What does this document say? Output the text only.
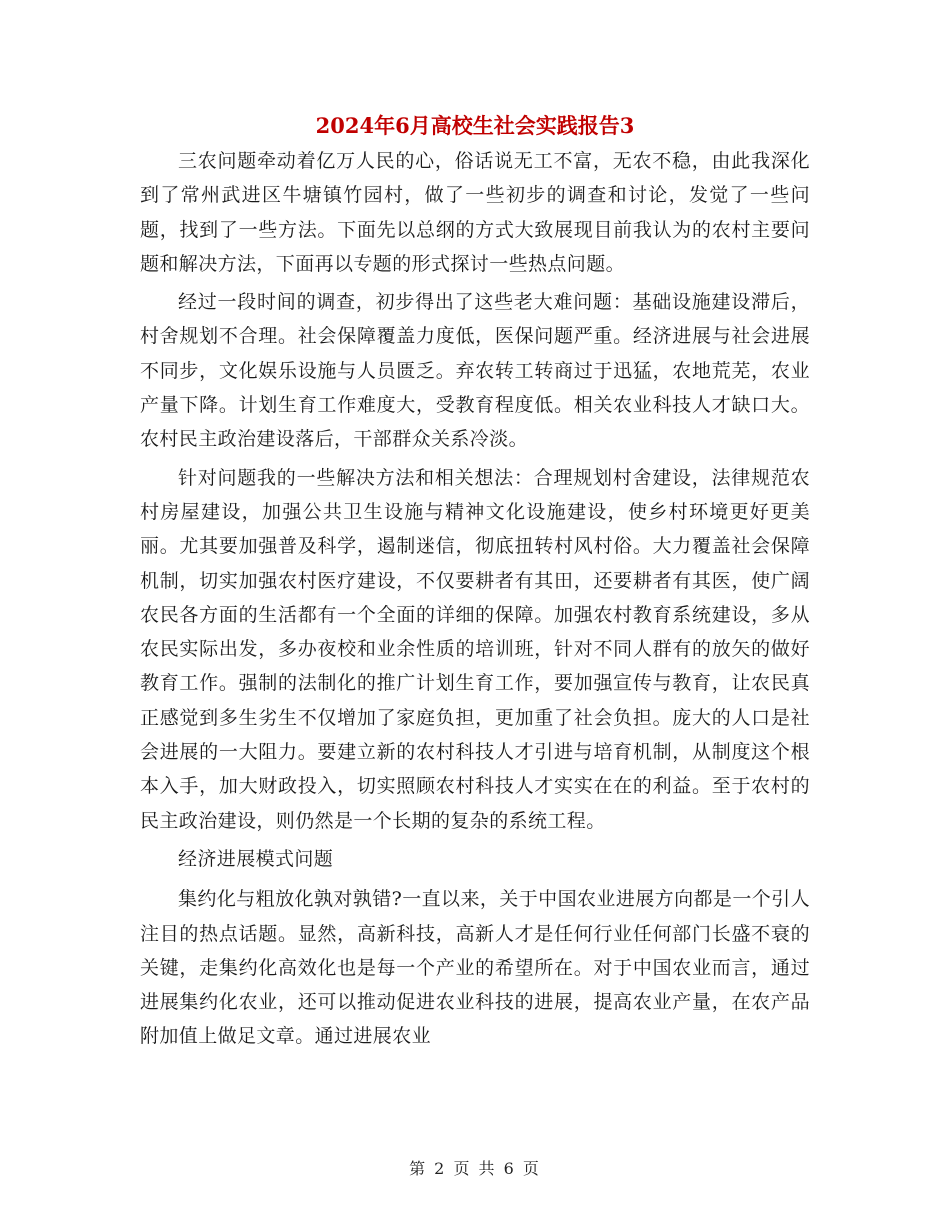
2024年6月高校生社会实践报告3

三农问题牵动着亿万人民的心，俗话说无工不富，无农不稳，由此我深化到了常州武进区牛塘镇竹园村，做了一些初步的调查和讨论，发觉了一些问题，找到了一些方法。下面先以总纲的方式大致展现目前我认为的农村主要问题和解决方法，下面再以专题的形式探讨一些热点问题。

经过一段时间的调查，初步得出了这些老大难问题：基础设施建设滞后，村舍规划不合理。社会保障覆盖力度低，医保问题严重。经济进展与社会进展不同步，文化娱乐设施与人员匮乏。弃农转工转商过于迅猛，农地荒芜，农业产量下降。计划生育工作难度大，受教育程度低。相关农业科技人才缺口大。农村民主政治建设落后，干部群众关系冷淡。

针对问题我的一些解决方法和相关想法：合理规划村舍建设，法律规范农村房屋建设，加强公共卫生设施与精神文化设施建设，使乡村环境更好更美丽。尤其要加强普及科学，遏制迷信，彻底扭转村风村俗。大力覆盖社会保障机制，切实加强农村医疗建设，不仅要耕者有其田，还要耕者有其医，使广阔农民各方面的生活都有一个全面的详细的保障。加强农村教育系统建设，多从农民实际出发，多办夜校和业余性质的培训班，针对不同人群有的放矢的做好教育工作。强制的法制化的推广计划生育工作，要加强宣传与教育，让农民真正感觉到多生劣生不仅增加了家庭负担，更加重了社会负担。庞大的人口是社会进展的一大阻力。要建立新的农村科技人才引进与培育机制，从制度这个根本入手，加大财政投入，切实照顾农村科技人才实实在在的利益。至于农村的民主政治建设，则仍然是一个长期的复杂的系统工程。

经济进展模式问题

集约化与粗放化孰对孰错?一直以来，关于中国农业进展方向都是一个引人注目的热点话题。显然，高新科技，高新人才是任何行业任何部门长盛不衰的关键，走集约化高效化也是每一个产业的希望所在。对于中国农业而言，通过进展集约化农业，还可以推动促进农业科技的进展，提高农业产量，在农产品附加值上做足文章。通过进展农业

第 2 页 共 6 页
